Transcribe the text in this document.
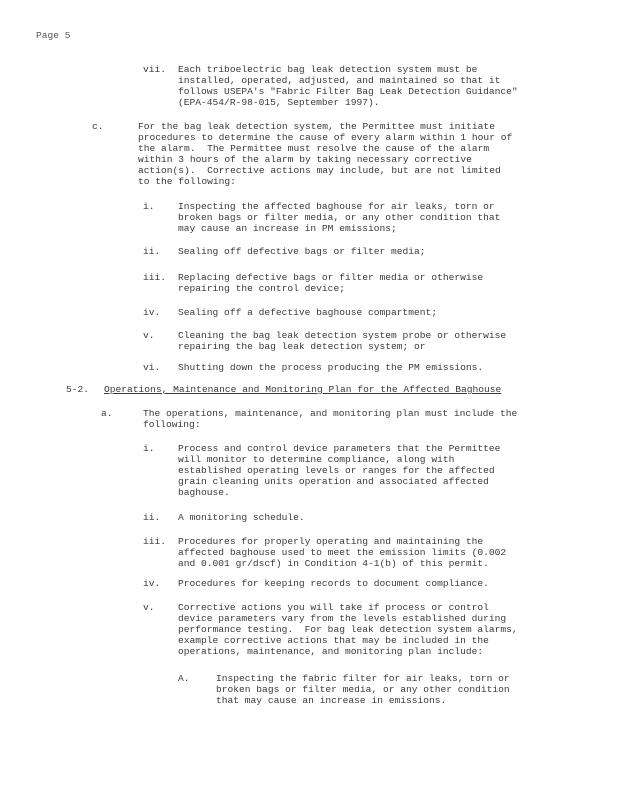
Page 5
vii. Each triboelectric bag leak detection system must be
installed, operated, adjusted, and maintained so that it
follows USEPA's "Fabric Filter Bag Leak Detection Guidance"
(EPA-454/R-98-015, September 1997).
c.	For the bag leak detection system, the Permittee must initiate
procedures to determine the cause of every alarm within 1 hour of
the alarm.  The Permittee must resolve the cause of the alarm
within 3 hours of the alarm by taking necessary corrective
action(s).  Corrective actions may include, but are not limited
to the following:
i. Inspecting the affected baghouse for air leaks, torn or
broken bags or filter media, or any other condition that
may cause an increase in PM emissions;
ii. Sealing off defective bags or filter media;
iii. Replacing defective bags or filter media or otherwise
repairing the control device;
iv. Sealing off a defective baghouse compartment;
v. Cleaning the bag leak detection system probe or otherwise
repairing the bag leak detection system; or
vi. Shutting down the process producing the PM emissions.
5-2. Operations, Maintenance and Monitoring Plan for the Affected Baghouse
a.	The operations, maintenance, and monitoring plan must include the
following:
i. Process and control device parameters that the Permittee
will monitor to determine compliance, along with
established operating levels or ranges for the affected
grain cleaning units operation and associated affected
baghouse.
ii. A monitoring schedule.
iii. Procedures for properly operating and maintaining the
affected baghouse used to meet the emission limits (0.002
and 0.001 gr/dscf) in Condition 4-1(b) of this permit.
iv. Procedures for keeping records to document compliance.
v. Corrective actions you will take if process or control
device parameters vary from the levels established during
performance testing.  For bag leak detection system alarms,
example corrective actions that may be included in the
operations, maintenance, and monitoring plan include:
A.	Inspecting the fabric filter for air leaks, torn or
broken bags or filter media, or any other condition
that may cause an increase in emissions.
